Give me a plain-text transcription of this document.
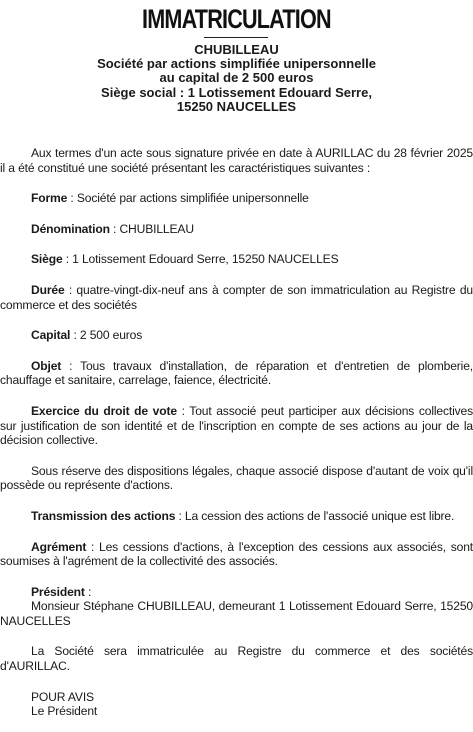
IMMATRICULATION
CHUBILLEAU
Société par actions simplifiée unipersonnelle
au capital de 2 500 euros
Siège social : 1 Lotissement Edouard Serre,
15250 NAUCELLES

Aux termes d'un acte sous signature privée en date à AURILLAC du 28 février 2025 il a été constitué une société présentant les caractéristiques suivantes :

Forme : Société par actions simplifiée unipersonnelle

Dénomination : CHUBILLEAU

Siège : 1 Lotissement Edouard Serre, 15250 NAUCELLES

Durée : quatre-vingt-dix-neuf ans à compter de son immatriculation au Registre du commerce et des sociétés

Capital : 2 500 euros

Objet : Tous travaux d'installation, de réparation et d'entretien de plomberie, chauffage et sanitaire, carrelage, faience, électricité.

Exercice du droit de vote : Tout associé peut participer aux décisions collectives sur justification de son identité et de l'inscription en compte de ses actions au jour de la décision collective.

Sous réserve des dispositions légales, chaque associé dispose d'autant de voix qu'il possède ou représente d'actions.

Transmission des actions : La cession des actions de l'associé unique est libre.

Agrément : Les cessions d'actions, à l'exception des cessions aux associés, sont soumises à l'agrément de la collectivité des associés.

Président :

Monsieur Stéphane CHUBILLEAU, demeurant 1 Lotissement Edouard Serre, 15250 NAUCELLES

La Société sera immatriculée au Registre du commerce et des sociétés d'AURILLAC.

POUR AVIS

Le Président
